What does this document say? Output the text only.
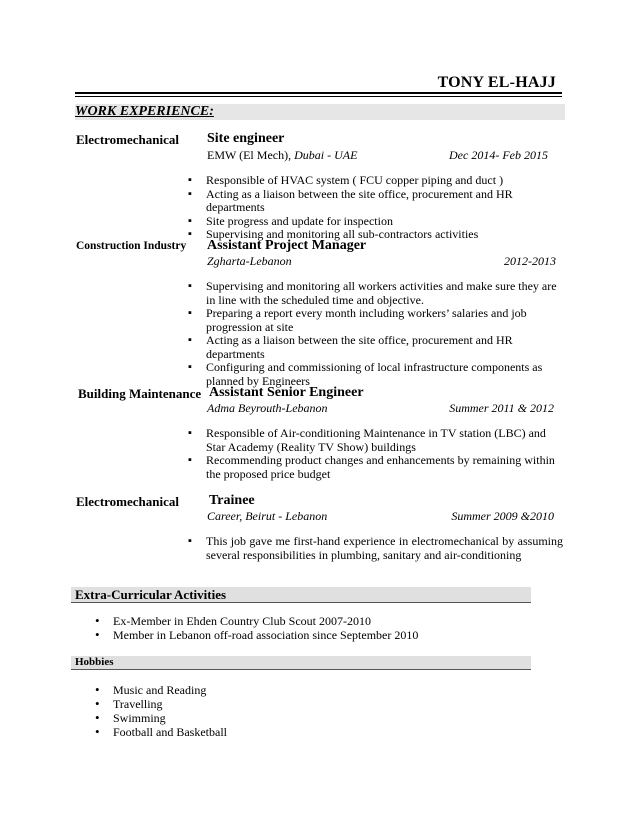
TONY EL-HAJJ
WORK EXPERIENCE:
Electromechanical Site engineer
EMW (El Mech), Dubai - UAE	Dec 2014- Feb 2015
▪ Responsible of HVAC system ( FCU copper piping and duct )
▪ Acting as a liaison between the site office, procurement and HR departments
▪ Site progress and update for inspection
▪ Supervising and monitoring all sub-contractors activities
Construction Industry Assistant Project Manager
Zgharta-Lebanon	2012-2013
▪ Supervising and monitoring all workers activities and make sure they are in line with the scheduled time and objective.
▪ Preparing a report every month including workers’ salaries and job progression at site
▪ Acting as a liaison between the site office, procurement and HR departments
▪ Configuring and commissioning of local infrastructure components as planned by Engineers
Building Maintenance Assistant Senior Engineer
Adma Beyrouth-Lebanon	Summer 2011 & 2012
▪ Responsible of Air-conditioning Maintenance in TV station (LBC) and Star Academy (Reality TV Show) buildings
▪ Recommending product changes and enhancements by remaining within the proposed price budget
Electromechanical Trainee
Career, Beirut - Lebanon	Summer 2009 &2010
▪ This job gave me first-hand experience in electromechanical by assuming several responsibilities in plumbing, sanitary and air-conditioning
Extra-Curricular Activities
• Ex-Member in Ehden Country Club Scout 2007-2010
• Member in Lebanon off-road association since September 2010
Hobbies
• Music and Reading
• Travelling
• Swimming
• Football and Basketball
